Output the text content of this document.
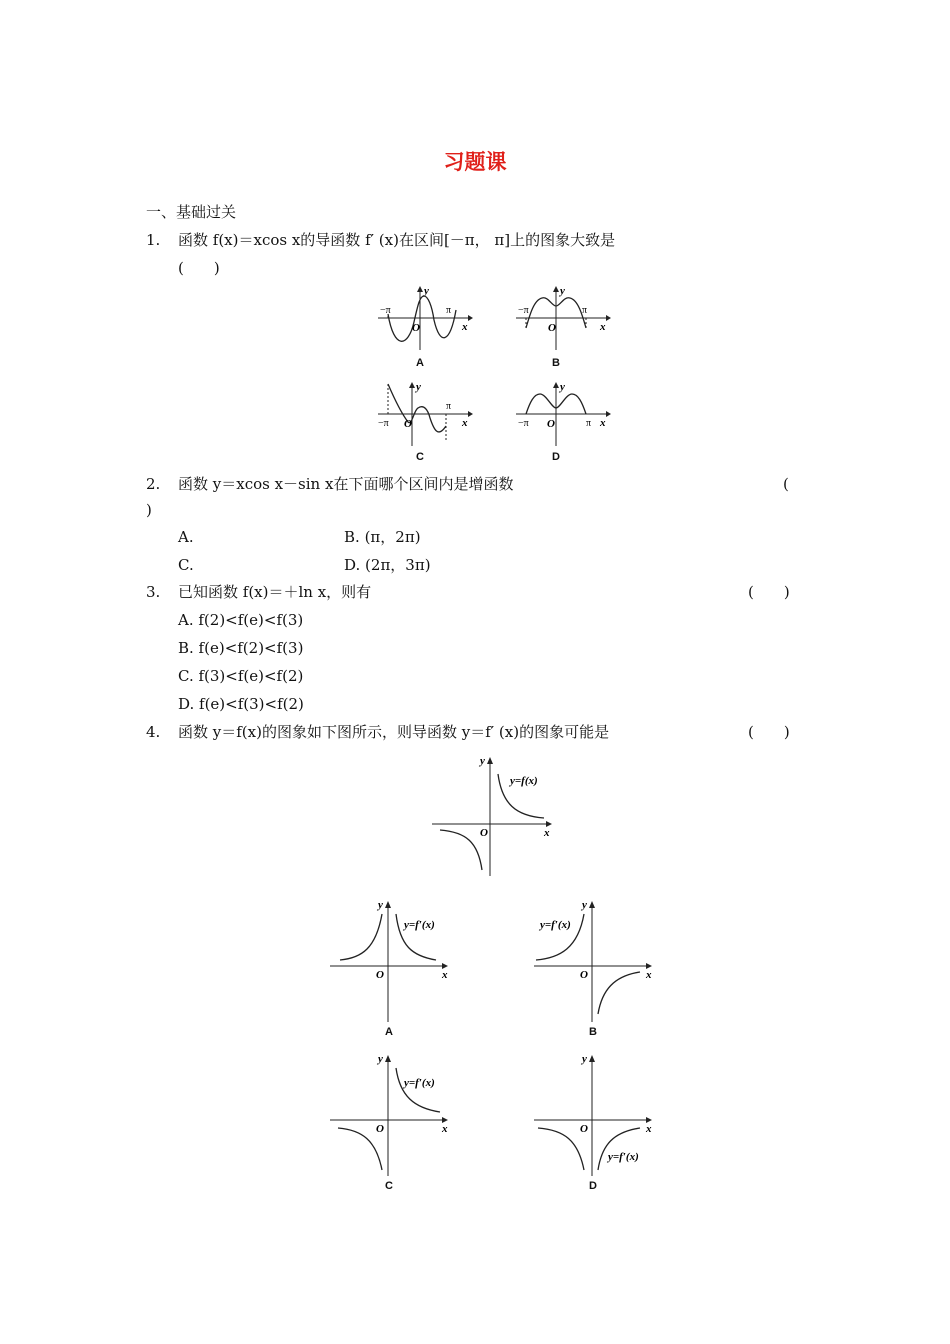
习题课
一、基础过关
1. 函数 f(x)＝xcos x的导函数 f′ (x)在区间[－π， π]上的图象大致是
(　　)
−π	π
O	x
y
A
−π	π
O	x
y
B
−π
π
O	x
y
C
−π	π
O	x
y
D
2. 函数 y＝xcos x－sin x在下面哪个区间内是增函数	(
)
A.	B. (π，2π)
C.	D. (2π，3π)
3. 已知函数 f(x)＝＋ln x，则有	(　　)
A. f(2)<f(e)<f(3)
B. f(e)<f(2)<f(3)
C. f(3)<f(e)<f(2)
D. f(e)<f(3)<f(2)
4. 函数 y＝f(x)的图象如下图所示，则导函数 y＝f′ (x)的图象可能是	(　　)
y
O	x
y=f(x)
y
O	x
y=f′(x)
A
y
O	x
y=f′(x)
B
y
O	x
y=f′(x)
C
y
O	x
y=f′(x)
D
